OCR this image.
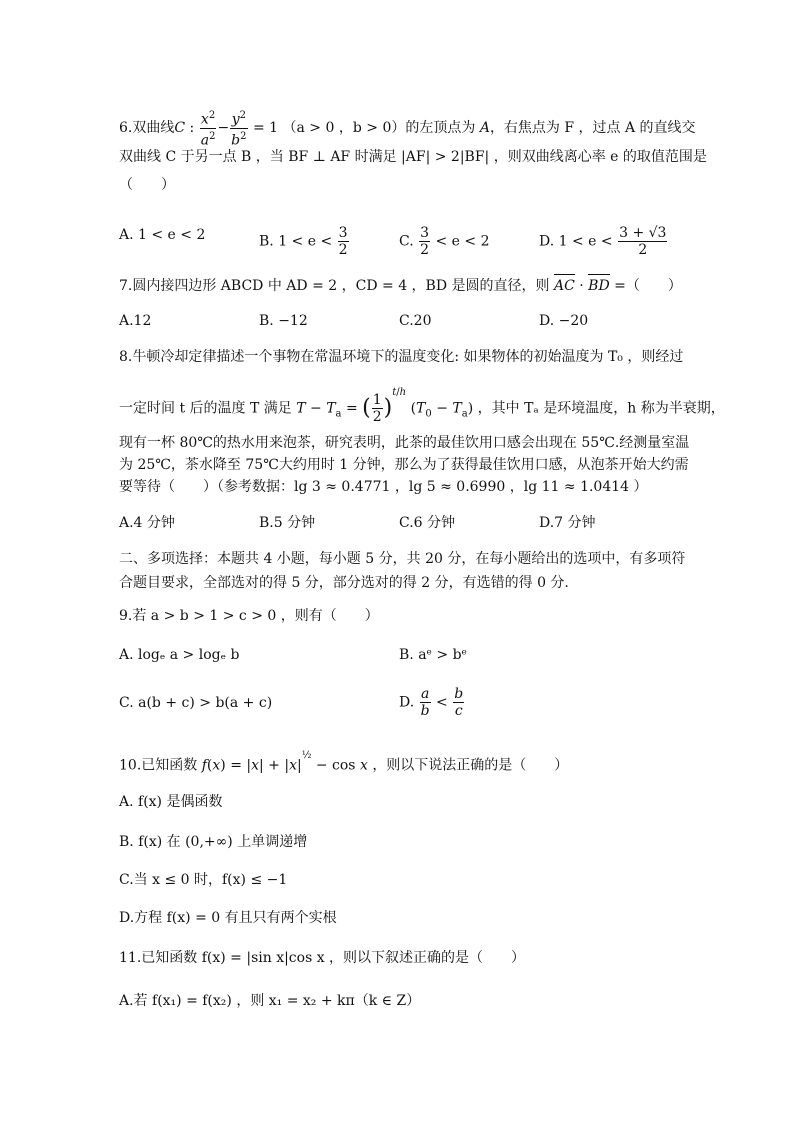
6.双曲线C : $\frac{x^2}{a^2} - \frac{y^2}{b^2} = 1$ （a > 0 ，b > 0）的左顶点为 A，右焦点为 F ，过点 A 的直线交
双曲线 C 于另一点 B ，当 BF ⊥ AF 时满足 |AF| > 2|BF| ，则双曲线离心率 e 的取值范围是
（　　）
A. 1 < e < 2	B. $1 < e < \frac{3}{2}$	C. $\frac{3}{2} < e < 2$	D. $1 < e < \frac{3 + √3}{2}$
7.圆内接四边形 ABCD 中 AD = 2 ，CD = 4 ，BD 是圆的直径，则 AC · BD =（　　）
A.12	B. −12	C.20	D. −20
8.牛顿冷却定律描述一个事物在常温环境下的温度变化: 如果物体的初始温度为 T₀ ，则经过
一定时间 t 后的温度 T 满足 $T - T_a$ = ( $\frac{1}{2} )^{t/h}$ $(T_0 - T_a)$ ，其中 Tₐ 是环境温度，h 称为半衰期，
现有一杯 80℃的热水用来泡茶，研究表明，此茶的最佳饮用口感会出现在 55℃.经测量室温
为 25℃，茶水降至 75℃大约用时 1 分钟，那么为了获得最佳饮用口感，从泡茶开始大约需
要等待（　　）（参考数据：lg 3 ≈ 0.4771 ，lg 5 ≈ 0.6990 ，lg 11 ≈ 1.0414 ）
A.4 分钟	B.5 分钟	C.6 分钟	D.7 分钟
二、多项选择：本题共 4 小题，每小题 5 分，共 20 分，在每小题给出的选项中，有多项符
合题目要求，全部选对的得 5 分，部分选对的得 2 分，有选错的得 0 分.
9.若 a > b > 1 > c > 0 ，则有（　　）
A. logₑ a > logₑ b	B. aᵉ > bᵉ
C. a(b + c) > b(a + c)	D. $\frac{a}{b} < \frac{b}{c}$
10.已知函数 $f(x) = |x| + |x|^{\frac{1}{2}} - \cos x$ ，则以下说法正确的是（　　）
A. f(x) 是偶函数
B. f(x) 在 (0,+∞) 上单调递增
C.当 x ≤ 0 时，f(x) ≤ −1
D.方程 f(x) = 0 有且只有两个实根
11.已知函数 f(x) = |sin x|cos x ，则以下叙述正确的是（　　）
A.若 f(x₁) = f(x₂) ，则 x₁ = x₂ + kπ（k ∈ Z）
